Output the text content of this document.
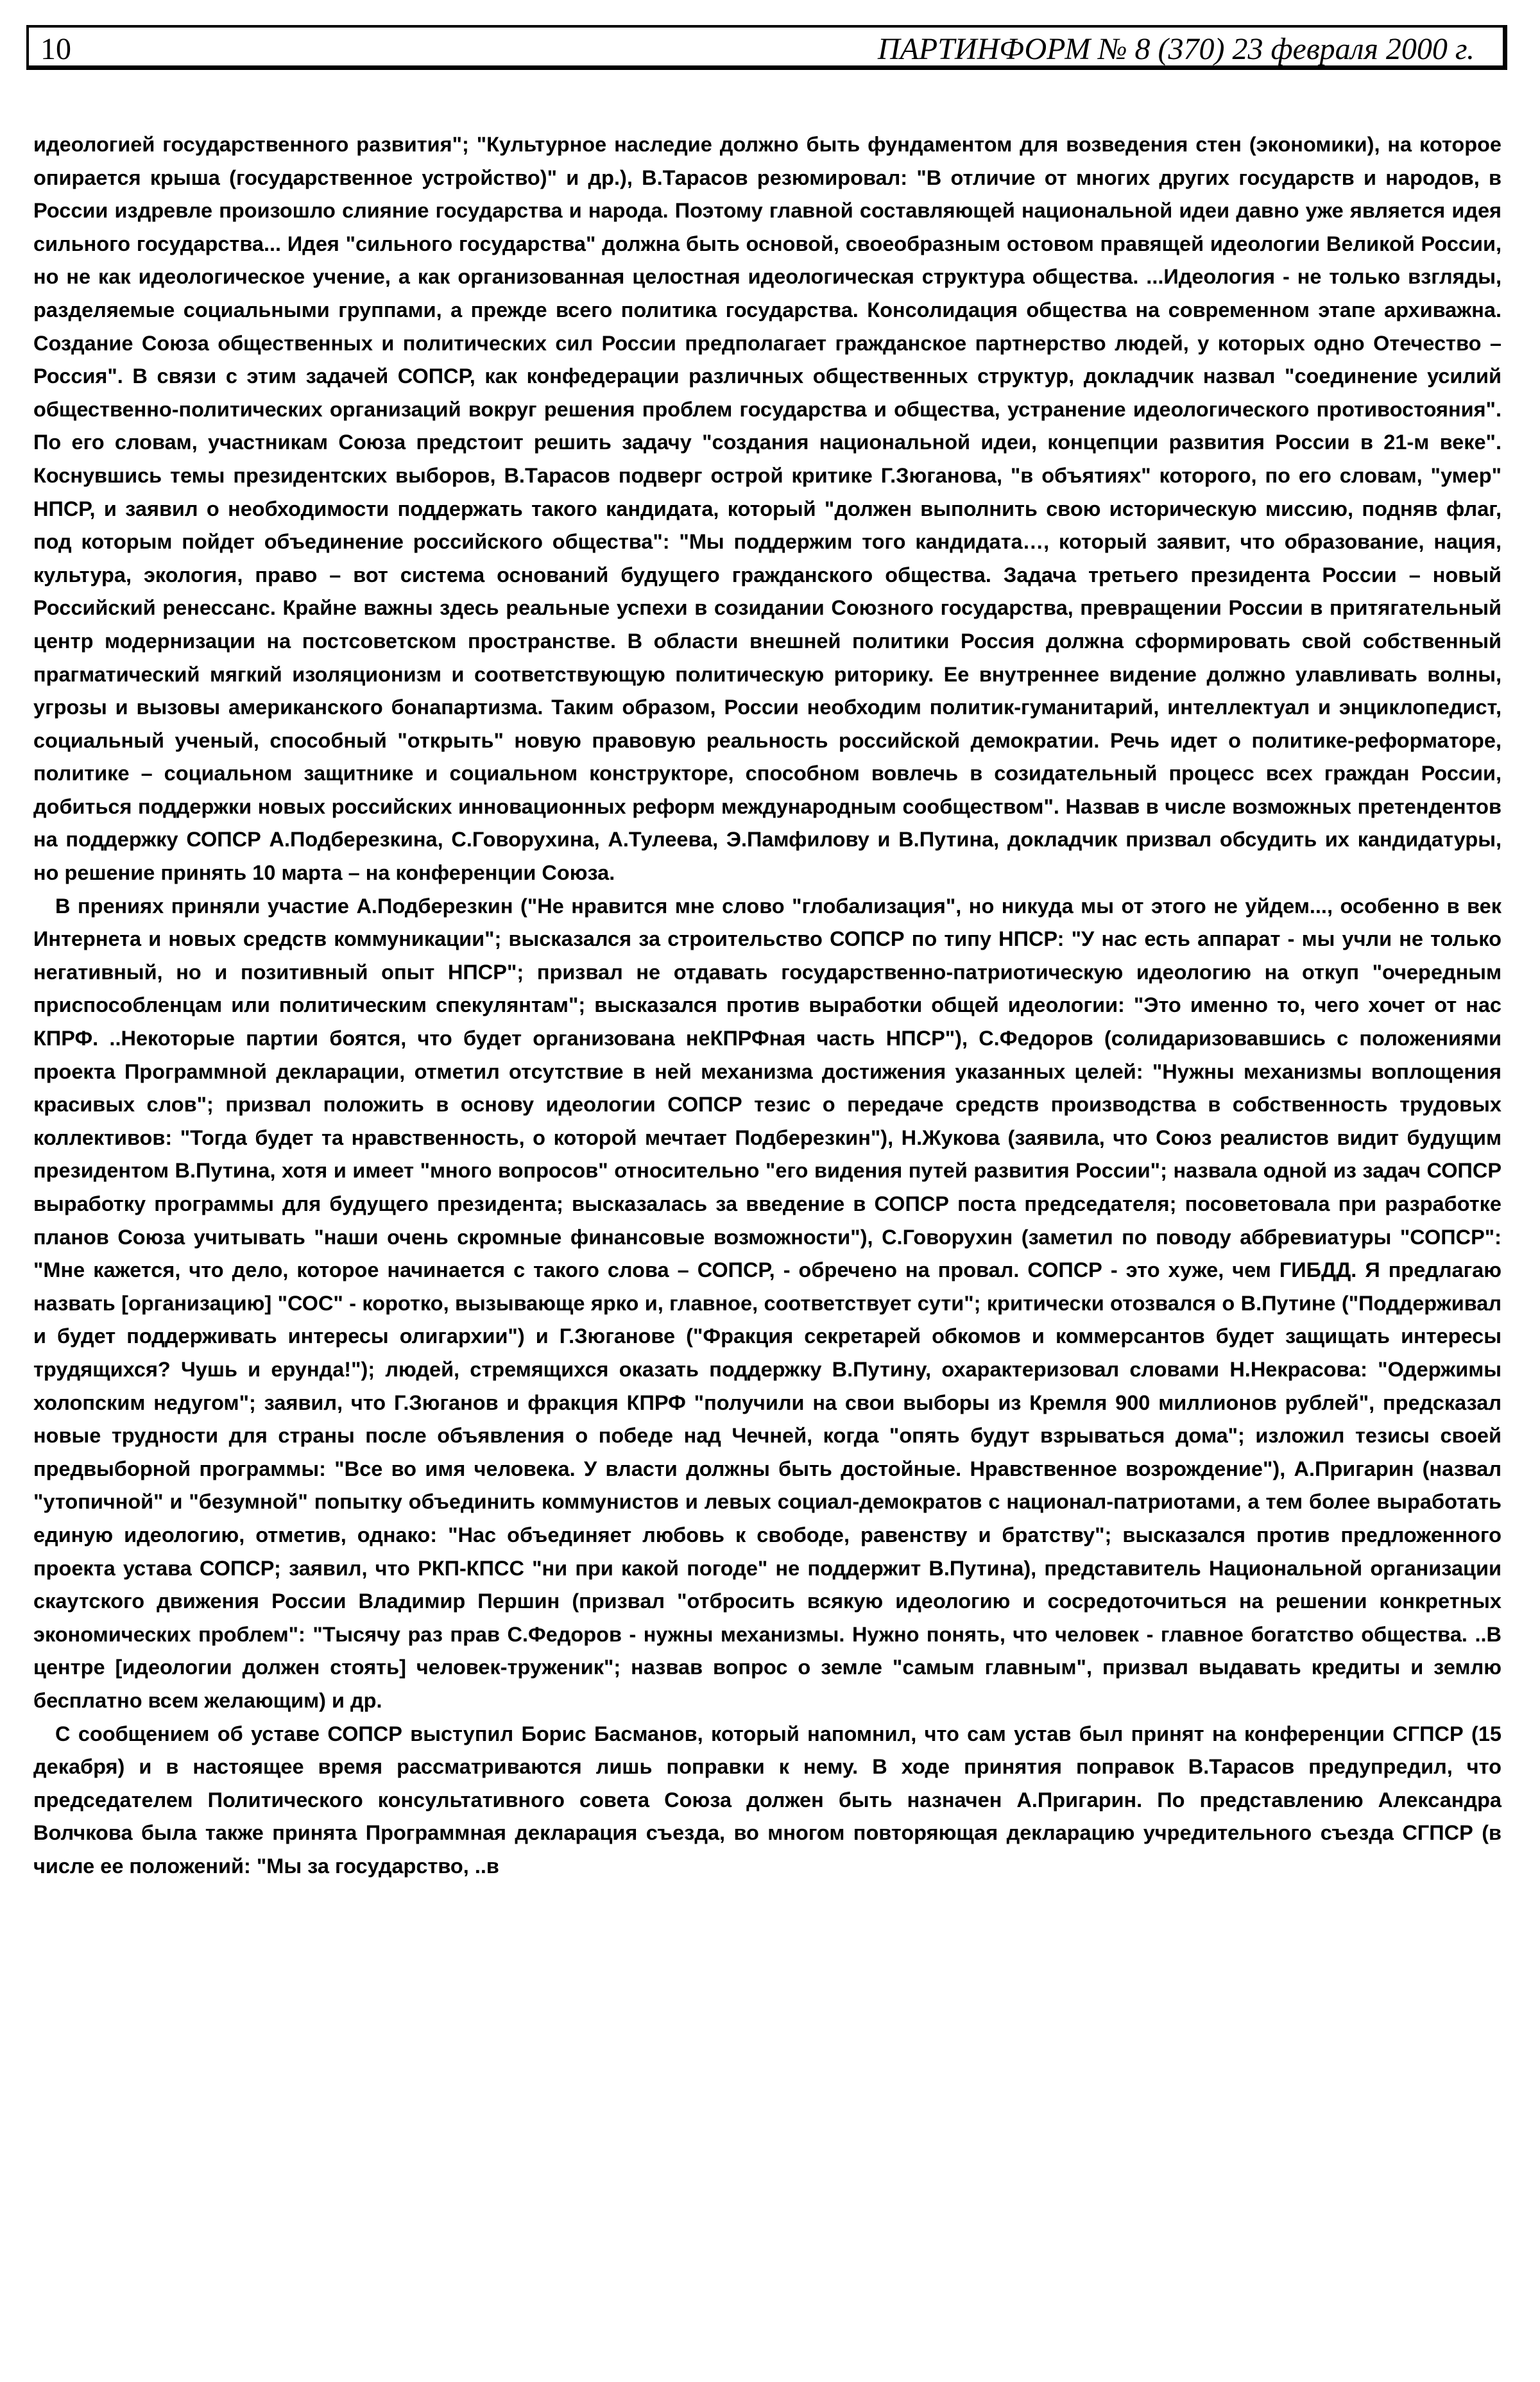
10	ПАРТИНФОРМ № 8 (370) 23 февраля 2000 г.

идеологией государственного развития"; "Культурное наследие должно быть фундаментом для возведения стен (экономики), на которое опирается крыша (государственное устройство)" и др.), В.Тарасов резюмировал: "В отличие от многих других государств и народов, в России издревле произошло слияние государства и народа. Поэтому главной составляющей национальной идеи давно уже является идея сильного государства... Идея "сильного государства" должна быть основой, своеобразным остовом правящей идеологии Великой России, но не как идеологическое учение, а как организованная целостная идеологическая структура общества. ...Идеология - не только взгляды, разделяемые социальными группами, а прежде всего политика государства. Консолидация общества на современном этапе архиважна. Создание Союза общественных и политических сил России предполагает гражданское партнерство людей, у которых одно Отечество – Россия". В связи с этим задачей СОПСР, как конфедерации различных общественных структур, докладчик назвал "соединение усилий общественно-политических организаций вокруг решения проблем государства и общества, устранение идеологического противостояния". По его словам, участникам Союза предстоит решить задачу "создания национальной идеи, концепции развития России в 21-м веке". Коснувшись темы президентских выборов, В.Тарасов подверг острой критике Г.Зюганова, "в объятиях" которого, по его словам, "умер" НПСР, и заявил о необходимости поддержать такого кандидата, который "должен выполнить свою историческую миссию, подняв флаг, под которым пойдет объединение российского общества": "Мы поддержим того кандидата…, который заявит, что образование, нация, культура, экология, право – вот система оснований будущего гражданского общества. Задача третьего президента России – новый Российский ренессанс. Крайне важны здесь реальные успехи в созидании Союзного государства, превращении России в притягательный центр модернизации на постсоветском пространстве. В области внешней политики Россия должна сформировать свой собственный прагматический мягкий изоляционизм и соответствующую политическую риторику. Ее внутреннее видение должно улавливать волны, угрозы и вызовы американского бонапартизма. Таким образом, России необходим политик-гуманитарий, интеллектуал и энциклопедист, социальный ученый, способный "открыть" новую правовую реальность российской демократии. Речь идет о политике-реформаторе, политике – социальном защитнике и социальном конструкторе, способном вовлечь в созидательный процесс всех граждан России, добиться поддержки новых российских инновационных реформ международным сообществом". Назвав в числе возможных претендентов на поддержку СОПСР А.Подберезкина, С.Говорухина, А.Тулеева, Э.Памфилову и В.Путина, докладчик призвал обсудить их кандидатуры, но решение принять 10 марта – на конференции Союза.

В прениях приняли участие А.Подберезкин ("Не нравится мне слово "глобализация", но никуда мы от этого не уйдем..., особенно в век Интернета и новых средств коммуникации"; высказался за строительство СОПСР по типу НПСР: "У нас есть аппарат - мы учли не только негативный, но и позитивный опыт НПСР"; призвал не отдавать государственно-патриотическую идеологию на откуп "очередным приспособленцам или политическим спекулянтам"; высказался против выработки общей идеологии: "Это именно то, чего хочет от нас КПРФ. ..Некоторые партии боятся, что будет организована неКПРФная часть НПСР"), С.Федоров (солидаризовавшись с положениями проекта Программной декларации, отметил отсутствие в ней механизма достижения указанных целей: "Нужны механизмы воплощения красивых слов"; призвал положить в основу идеологии СОПСР тезис о передаче средств производства в собственность трудовых коллективов: "Тогда будет та нравственность, о которой мечтает Подберезкин"), Н.Жукова (заявила, что Союз реалистов видит будущим президентом В.Путина, хотя и имеет "много вопросов" относительно "его видения путей развития России"; назвала одной из задач СОПСР выработку программы для будущего президента; высказалась за введение в СОПСР поста председателя; посоветовала при разработке планов Союза учитывать "наши очень скромные финансовые возможности"), С.Говорухин (заметил по поводу аббревиатуры "СОПСР": "Мне кажется, что дело, которое начинается с такого слова – СОПСР, - обречено на провал. СОПСР - это хуже, чем ГИБДД. Я предлагаю назвать [организацию] "СОС" - коротко, вызывающе ярко и, главное, соответствует сути"; критически отозвался о В.Путине ("Поддерживал и будет поддерживать интересы олигархии") и Г.Зюганове ("Фракция секретарей обкомов и коммерсантов будет защищать интересы трудящихся? Чушь и ерунда!"); людей, стремящихся оказать поддержку В.Путину, охарактеризовал словами Н.Некрасова: "Одержимы холопским недугом"; заявил, что Г.Зюганов и фракция КПРФ "получили на свои выборы из Кремля 900 миллионов рублей", предсказал новые трудности для страны после объявления о победе над Чечней, когда "опять будут взрываться дома"; изложил тезисы своей предвыборной программы: "Все во имя человека. У власти должны быть достойные. Нравственное возрождение"), А.Пригарин (назвал "утопичной" и "безумной" попытку объединить коммунистов и левых социал-демократов с национал-патриотами, а тем более выработать единую идеологию, отметив, однако: "Нас объединяет любовь к свободе, равенству и братству"; высказался против предложенного проекта устава СОПСР; заявил, что РКП-КПСС "ни при какой погоде" не поддержит В.Путина), представитель Национальной организации скаутского движения России Владимир Першин (призвал "отбросить всякую идеологию и сосредоточиться на решении конкретных экономических проблем": "Тысячу раз прав С.Федоров - нужны механизмы. Нужно понять, что человек - главное богатство общества. ..В центре [идеологии должен стоять] человек-труженик"; назвав вопрос о земле "самым главным", призвал выдавать кредиты и землю бесплатно всем желающим) и др.

С сообщением об уставе СОПСР выступил Борис Басманов, который напомнил, что сам устав был принят на конференции СГПСР (15 декабря) и в настоящее время рассматриваются лишь поправки к нему. В ходе принятия поправок В.Тарасов предупредил, что председателем Политического консультативного совета Союза должен быть назначен А.Пригарин. По представлению Александра Волчкова была также принята Программная декларация съезда, во многом повторяющая декларацию учредительного съезда СГПСР (в числе ее положений: "Мы за государство, ..в
